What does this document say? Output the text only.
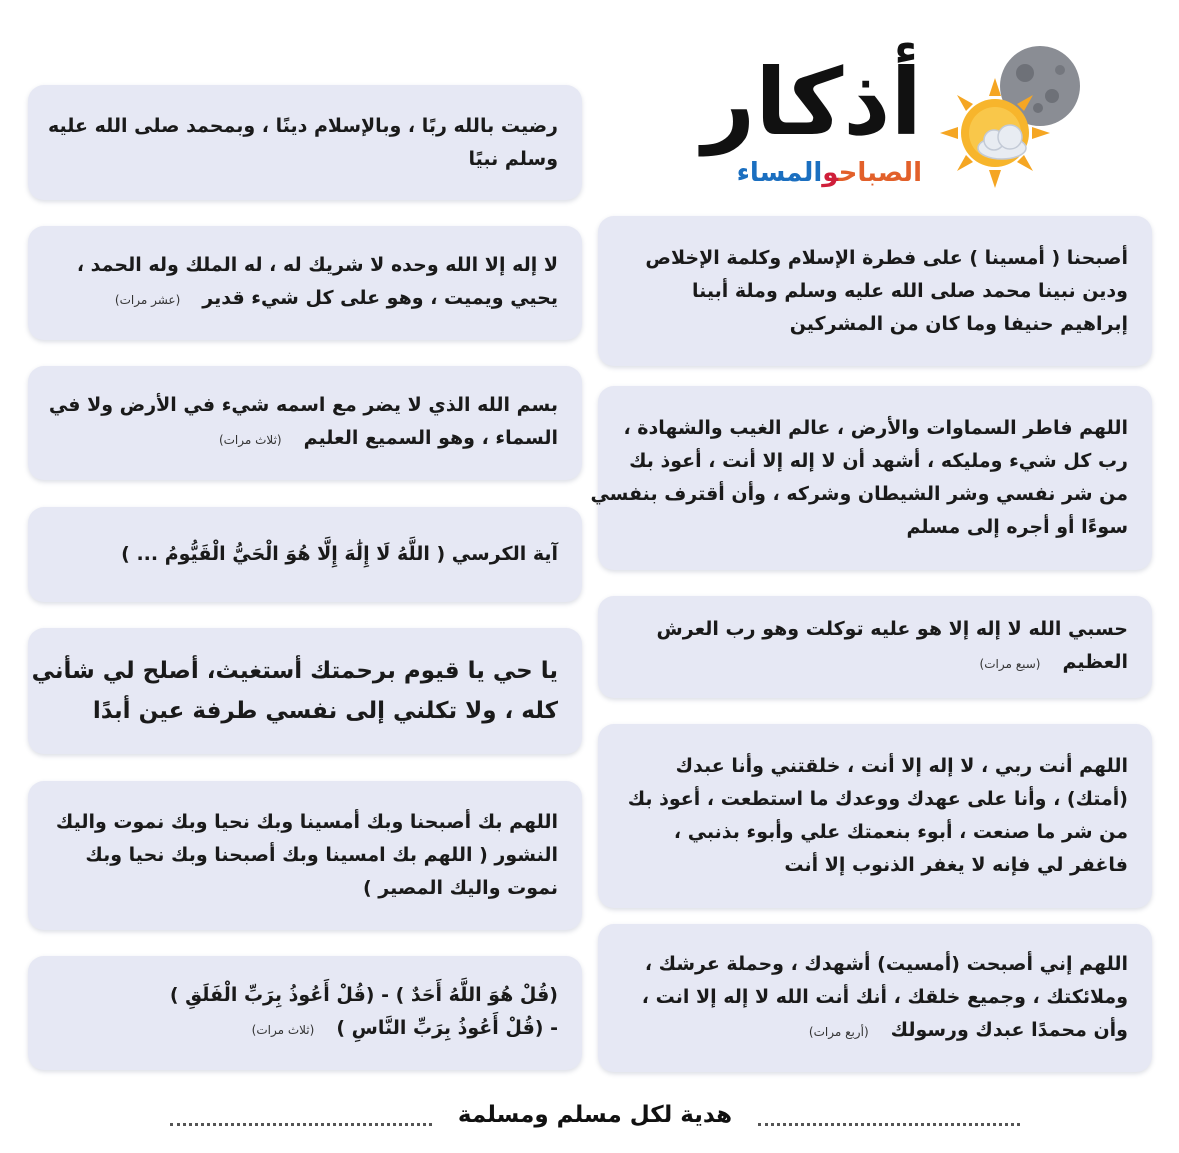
أذكار
الصباحوالمساء
رضيت بالله ربًا ، وبالإسلام دينًا ، وبمحمد صلى الله عليه
وسلم نبيًا
لا إله إلا الله وحده لا شريك له ، له الملك وله الحمد ،
يحيي ويميت ، وهو على كل شيء قدير(عشر مرات)
بسم الله الذي لا يضر مع اسمه شيء في الأرض ولا في
السماء ، وهو السميع العليم(ثلاث مرات)
آية الكرسي ( اللَّهُ لَا إِلَٰهَ إِلَّا هُوَ الْحَيُّ الْقَيُّومُ ... )
يا حي يا قيوم برحمتك أستغيث، أصلح لي شأني
كله ، ولا تكلني إلى نفسي طرفة عين أبدًا
اللهم بك أصبحنا وبك أمسينا وبك نحيا وبك نموت واليك
النشور ( اللهم بك امسينا وبك أصبحنا وبك نحيا وبك
نموت واليك المصير )
(قُلْ هُوَ اللَّهُ أَحَدٌ ) - (قُلْ أَعُوذُ بِرَبِّ الْفَلَقِ )
- (قُلْ أَعُوذُ بِرَبِّ النَّاسِ )(ثلاث مرات)
أصبحنا ( أمسينا ) على فطرة الإسلام وكلمة الإخلاص
ودين نبينا محمد صلى الله عليه وسلم وملة أبينا
إبراهيم حنيفا وما كان من المشركين
اللهم فاطر السماوات والأرض ، عالم الغيب والشهادة ،
رب كل شيء ومليكه ، أشهد أن لا إله إلا أنت ، أعوذ بك
من شر نفسي وشر الشيطان وشركه ، وأن أقترف بنفسي
سوءًا أو أجره إلى مسلم
حسبي الله لا إله إلا هو عليه توكلت وهو رب العرش
العظيم(سبع مرات)
اللهم أنت ربي ، لا إله إلا أنت ، خلقتني وأنا عبدك
(أمتك) ، وأنا على عهدك ووعدك ما استطعت ، أعوذ بك
من شر ما صنعت ، أبوء بنعمتك علي وأبوء بذنبي ،
فاغفر لي فإنه لا يغفر الذنوب إلا أنت
اللهم إني أصبحت (أمسيت) أشهدك ، وحملة عرشك ،
وملائكتك ، وجميع خلقك ، أنك أنت الله لا إله إلا انت ،
وأن محمدًا عبدك ورسولك(أربع مرات)
هدية لكل مسلم ومسلمة
